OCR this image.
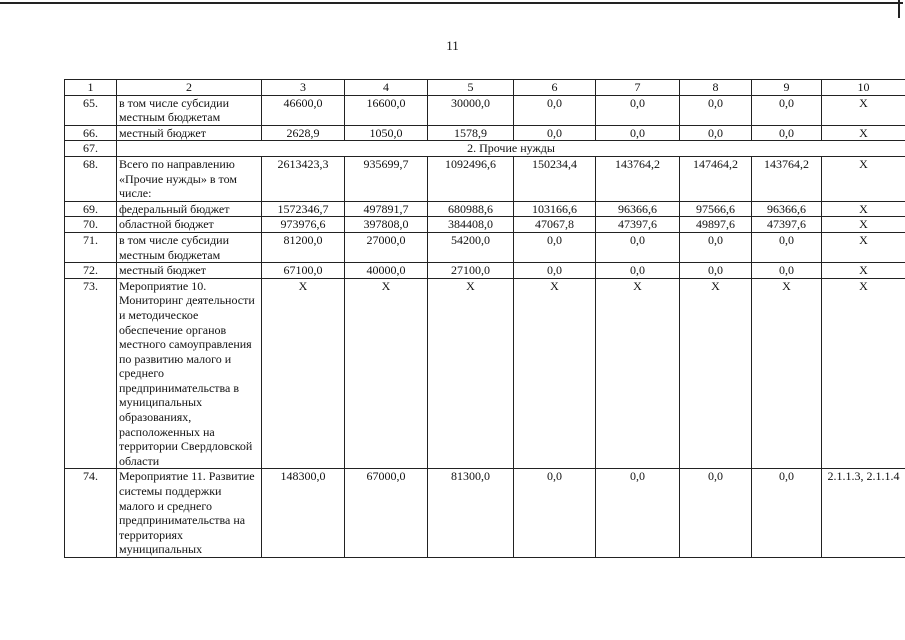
11
1	2	3	4	5	6	7	8	9	10
65.	в том числе субсидии местным бюджетам	46600,0	16600,0	30000,0	0,0	0,0	0,0	0,0	Х
66.	местный бюджет	2628,9	1050,0	1578,9	0,0	0,0	0,0	0,0	Х
67.	2. Прочие нужды								
68.	Всего по направлению «Прочие нужды» в том числе:	2613423,3	935699,7	1092496,6	150234,4	143764,2	147464,2	143764,2	Х
69.	федеральный бюджет	1572346,7	497891,7	680988,6	103166,6	96366,6	97566,6	96366,6	Х
70.	областной бюджет	973976,6	397808,0	384408,0	47067,8	47397,6	49897,6	47397,6	Х
71.	в том числе субсидии местным бюджетам	81200,0	27000,0	54200,0	0,0	0,0	0,0	0,0	Х
72.	местный бюджет	67100,0	40000,0	27100,0	0,0	0,0	0,0	0,0	Х
73.	Мероприятие 10. Мониторинг деятельности и методическое обеспечение органов местного самоуправления по развитию малого и среднего предпринимательства в муниципальных образованиях, расположенных на территории Свердловской области	Х	Х	Х	Х	Х	Х	Х	Х
74.	Мероприятие 11. Развитие системы поддержки малого и среднего предпринимательства на территориях муниципальных	148300,0	67000,0	81300,0	0,0	0,0	0,0	0,0	2.1.1.3, 2.1.1.4
